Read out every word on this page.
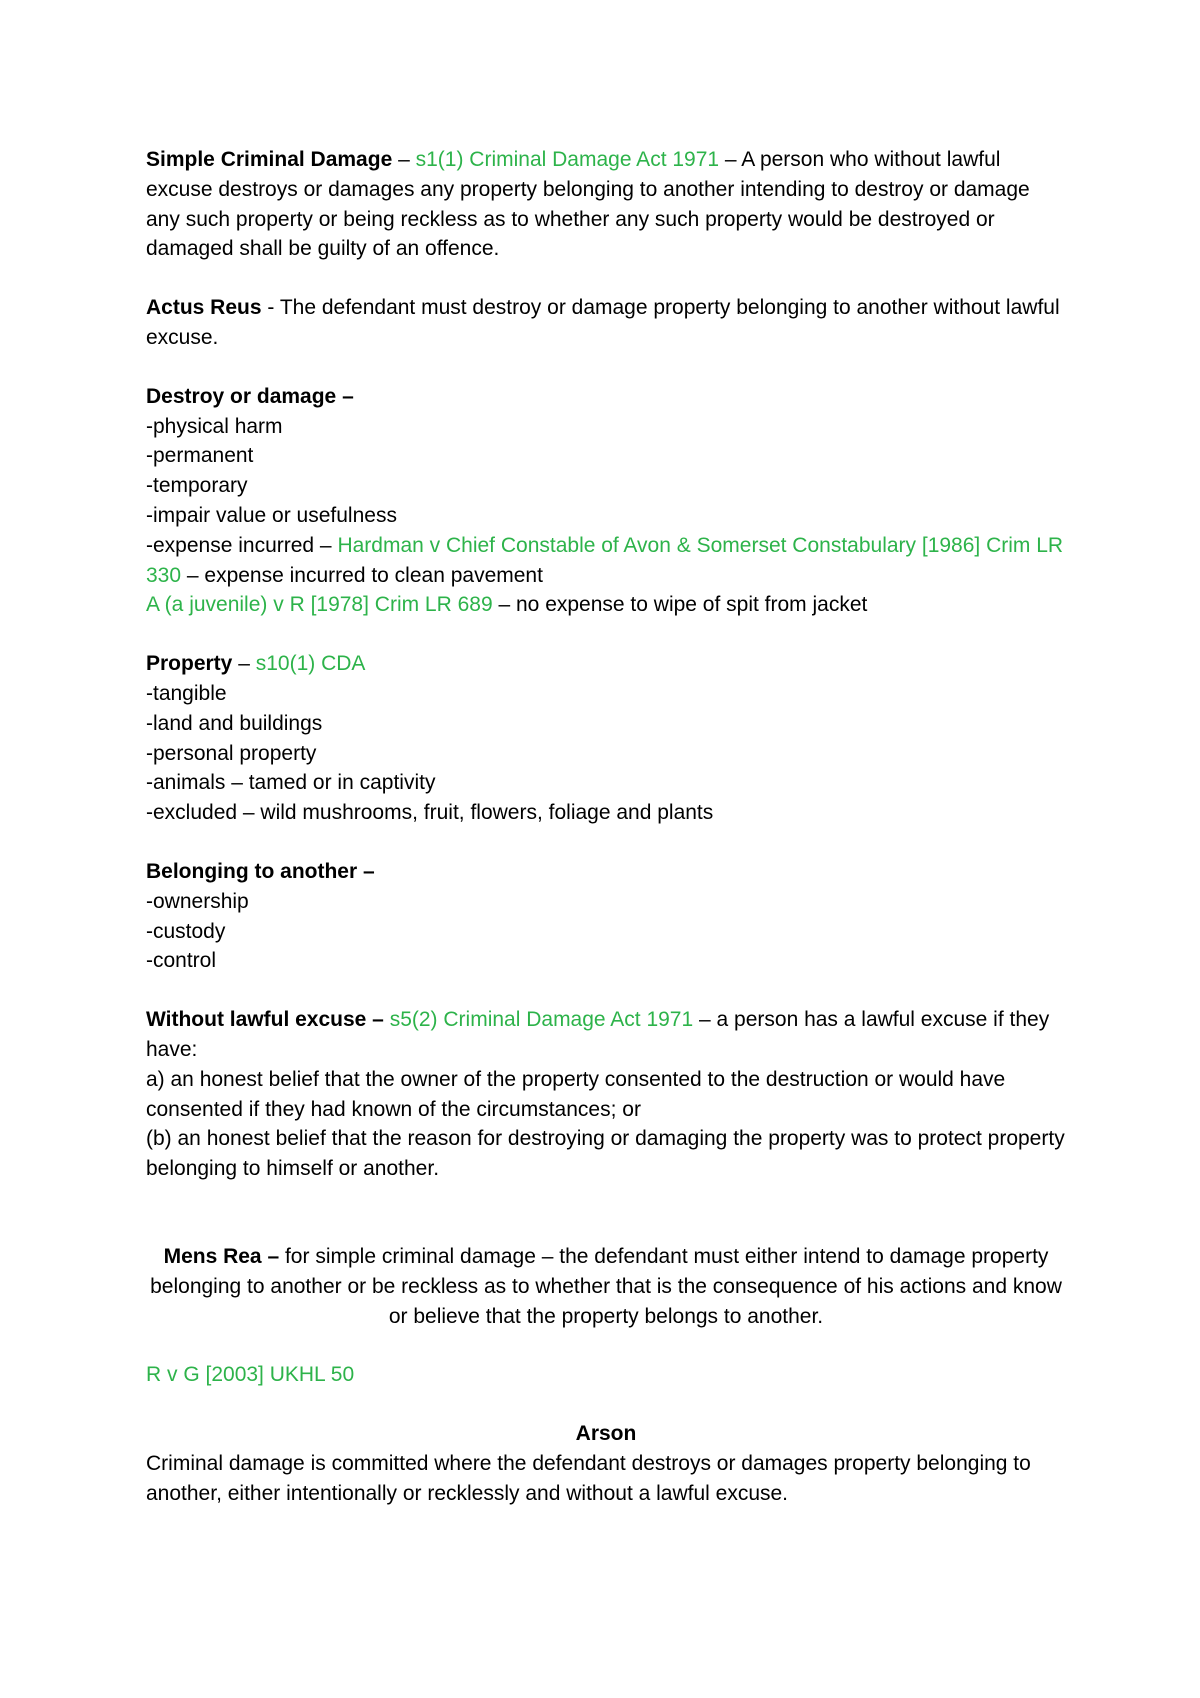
Simple Criminal Damage – s1(1) Criminal Damage Act 1971 – A person who without lawful excuse destroys or damages any property belonging to another intending to destroy or damage any such property or being reckless as to whether any such property would be destroyed or damaged shall be guilty of an offence.

Actus Reus - The defendant must destroy or damage property belonging to another without lawful excuse.

Destroy or damage –

-physical harm

-permanent

-temporary

-impair value or usefulness

-expense incurred – Hardman v Chief Constable of Avon & Somerset Constabulary [1986] Crim LR 330 – expense incurred to clean pavement

A (a juvenile) v R [1978] Crim LR 689 – no expense to wipe of spit from jacket

Property – s10(1) CDA

-tangible

-land and buildings

-personal property

-animals – tamed or in captivity

-excluded – wild mushrooms, fruit, flowers, foliage and plants

Belonging to another –

-ownership

-custody

-control

Without lawful excuse – s5(2) Criminal Damage Act 1971 – a person has a lawful excuse if they have:

a) an honest belief that the owner of the property consented to the destruction or would have consented if they had known of the circumstances; or

(b) an honest belief that the reason for destroying or damaging the property was to protect property belonging to himself or another.

Mens Rea – for simple criminal damage – the defendant must either intend to damage property belonging to another or be reckless as to whether that is the consequence of his actions and know or believe that the property belongs to another.

R v G [2003] UKHL 50

Arson

Criminal damage is committed where the defendant destroys or damages property belonging to another, either intentionally or recklessly and without a lawful excuse.
